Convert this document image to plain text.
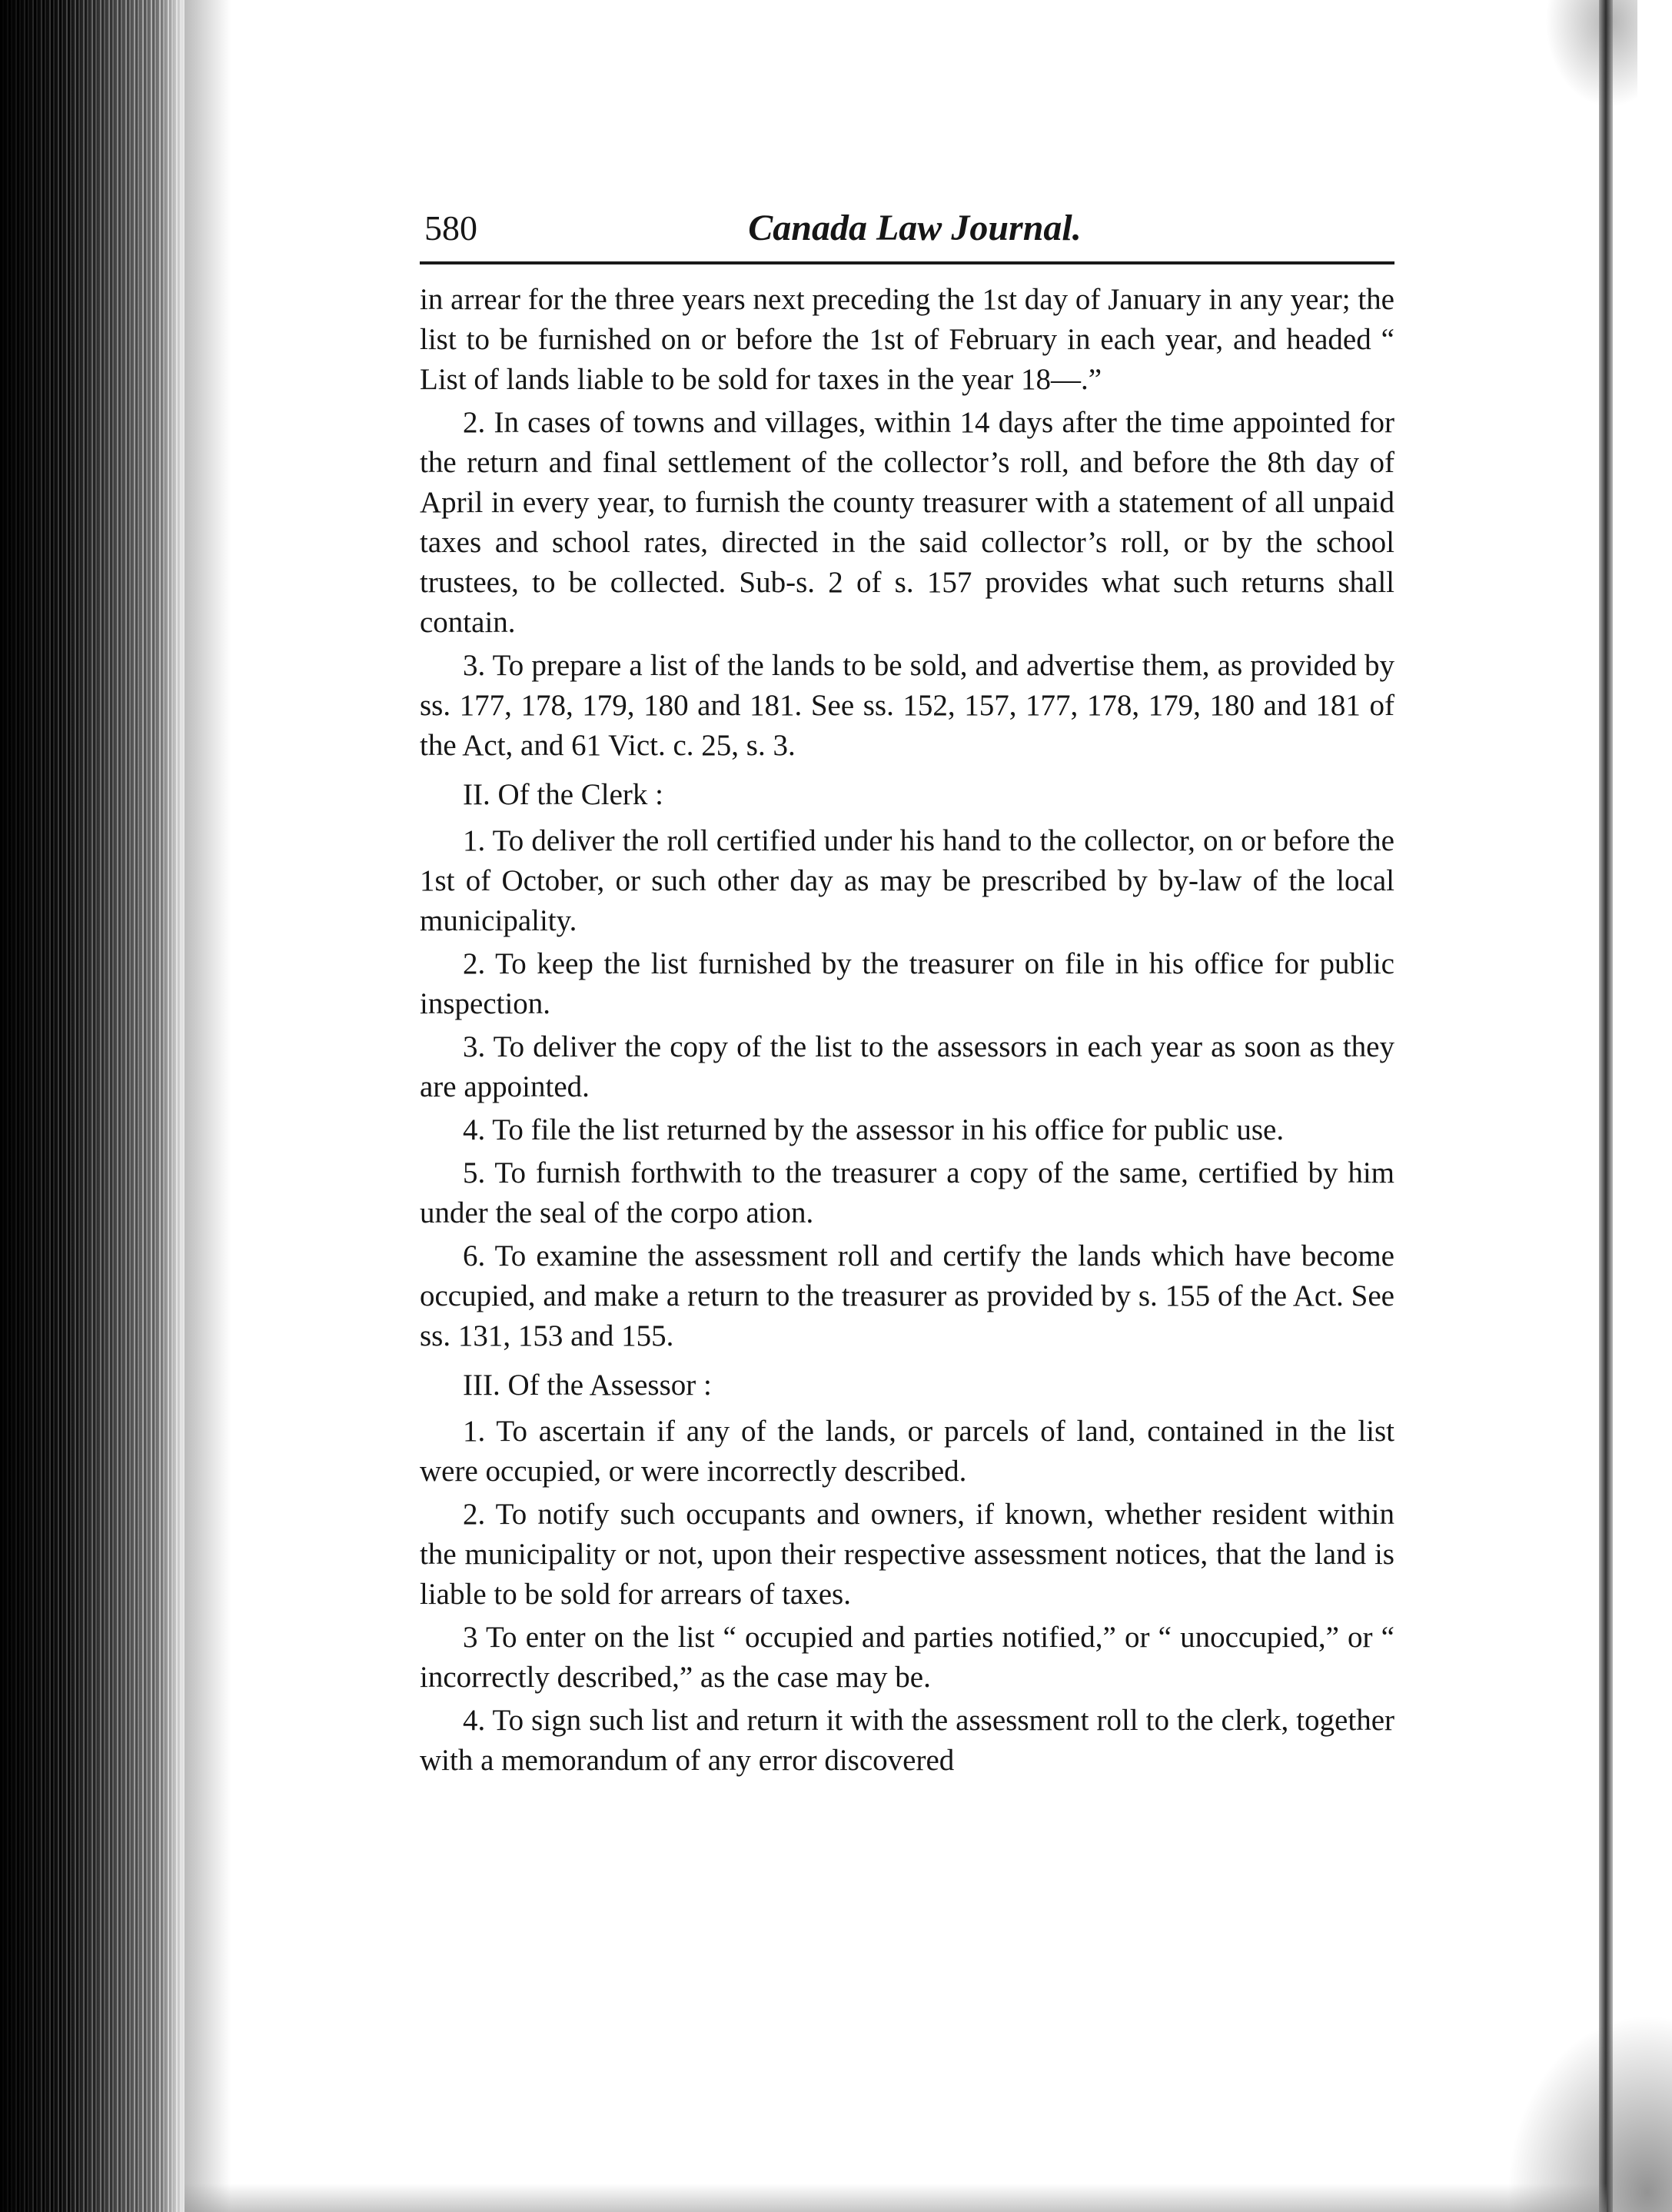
580	Canada Law Journal.

in arrear for the three years next preceding the 1st day of January in any year; the list to be furnished on or before the 1st of February in each year, and headed “ List of lands liable to be sold for taxes in the year 18—.”

2. In cases of towns and villages, within 14 days after the time appointed for the return and final settlement of the collector’s roll, and before the 8th day of April in every year, to furnish the county treasurer with a statement of all unpaid taxes and school rates, directed in the said collector’s roll, or by the school trustees, to be collected. Sub-s. 2 of s. 157 provides what such returns shall contain.

3. To prepare a list of the lands to be sold, and advertise them, as provided by ss. 177, 178, 179, 180 and 181. See ss. 152, 157, 177, 178, 179, 180 and 181 of the Act, and 61 Vict. c. 25, s. 3.

II. Of the Clerk :

1. To deliver the roll certified under his hand to the collector, on or before the 1st of October, or such other day as may be prescribed by by-law of the local municipality.

2. To keep the list furnished by the treasurer on file in his office for public inspection.

3. To deliver the copy of the list to the assessors in each year as soon as they are appointed.

4. To file the list returned by the assessor in his office for public use.

5. To furnish forthwith to the treasurer a copy of the same, certified by him under the seal of the corpo ation.

6. To examine the assessment roll and certify the lands which have become occupied, and make a return to the treasurer as provided by s. 155 of the Act. See ss. 131, 153 and 155.

III. Of the Assessor :

1. To ascertain if any of the lands, or parcels of land, contained in the list were occupied, or were incorrectly described.

2. To notify such occupants and owners, if known, whether resident within the municipality or not, upon their respective assessment notices, that the land is liable to be sold for arrears of taxes.

3 To enter on the list “ occupied and parties notified,” or “ unoccupied,” or “ incorrectly described,” as the case may be.

4. To sign such list and return it with the assessment roll to the clerk, together with a memorandum of any error discovered
